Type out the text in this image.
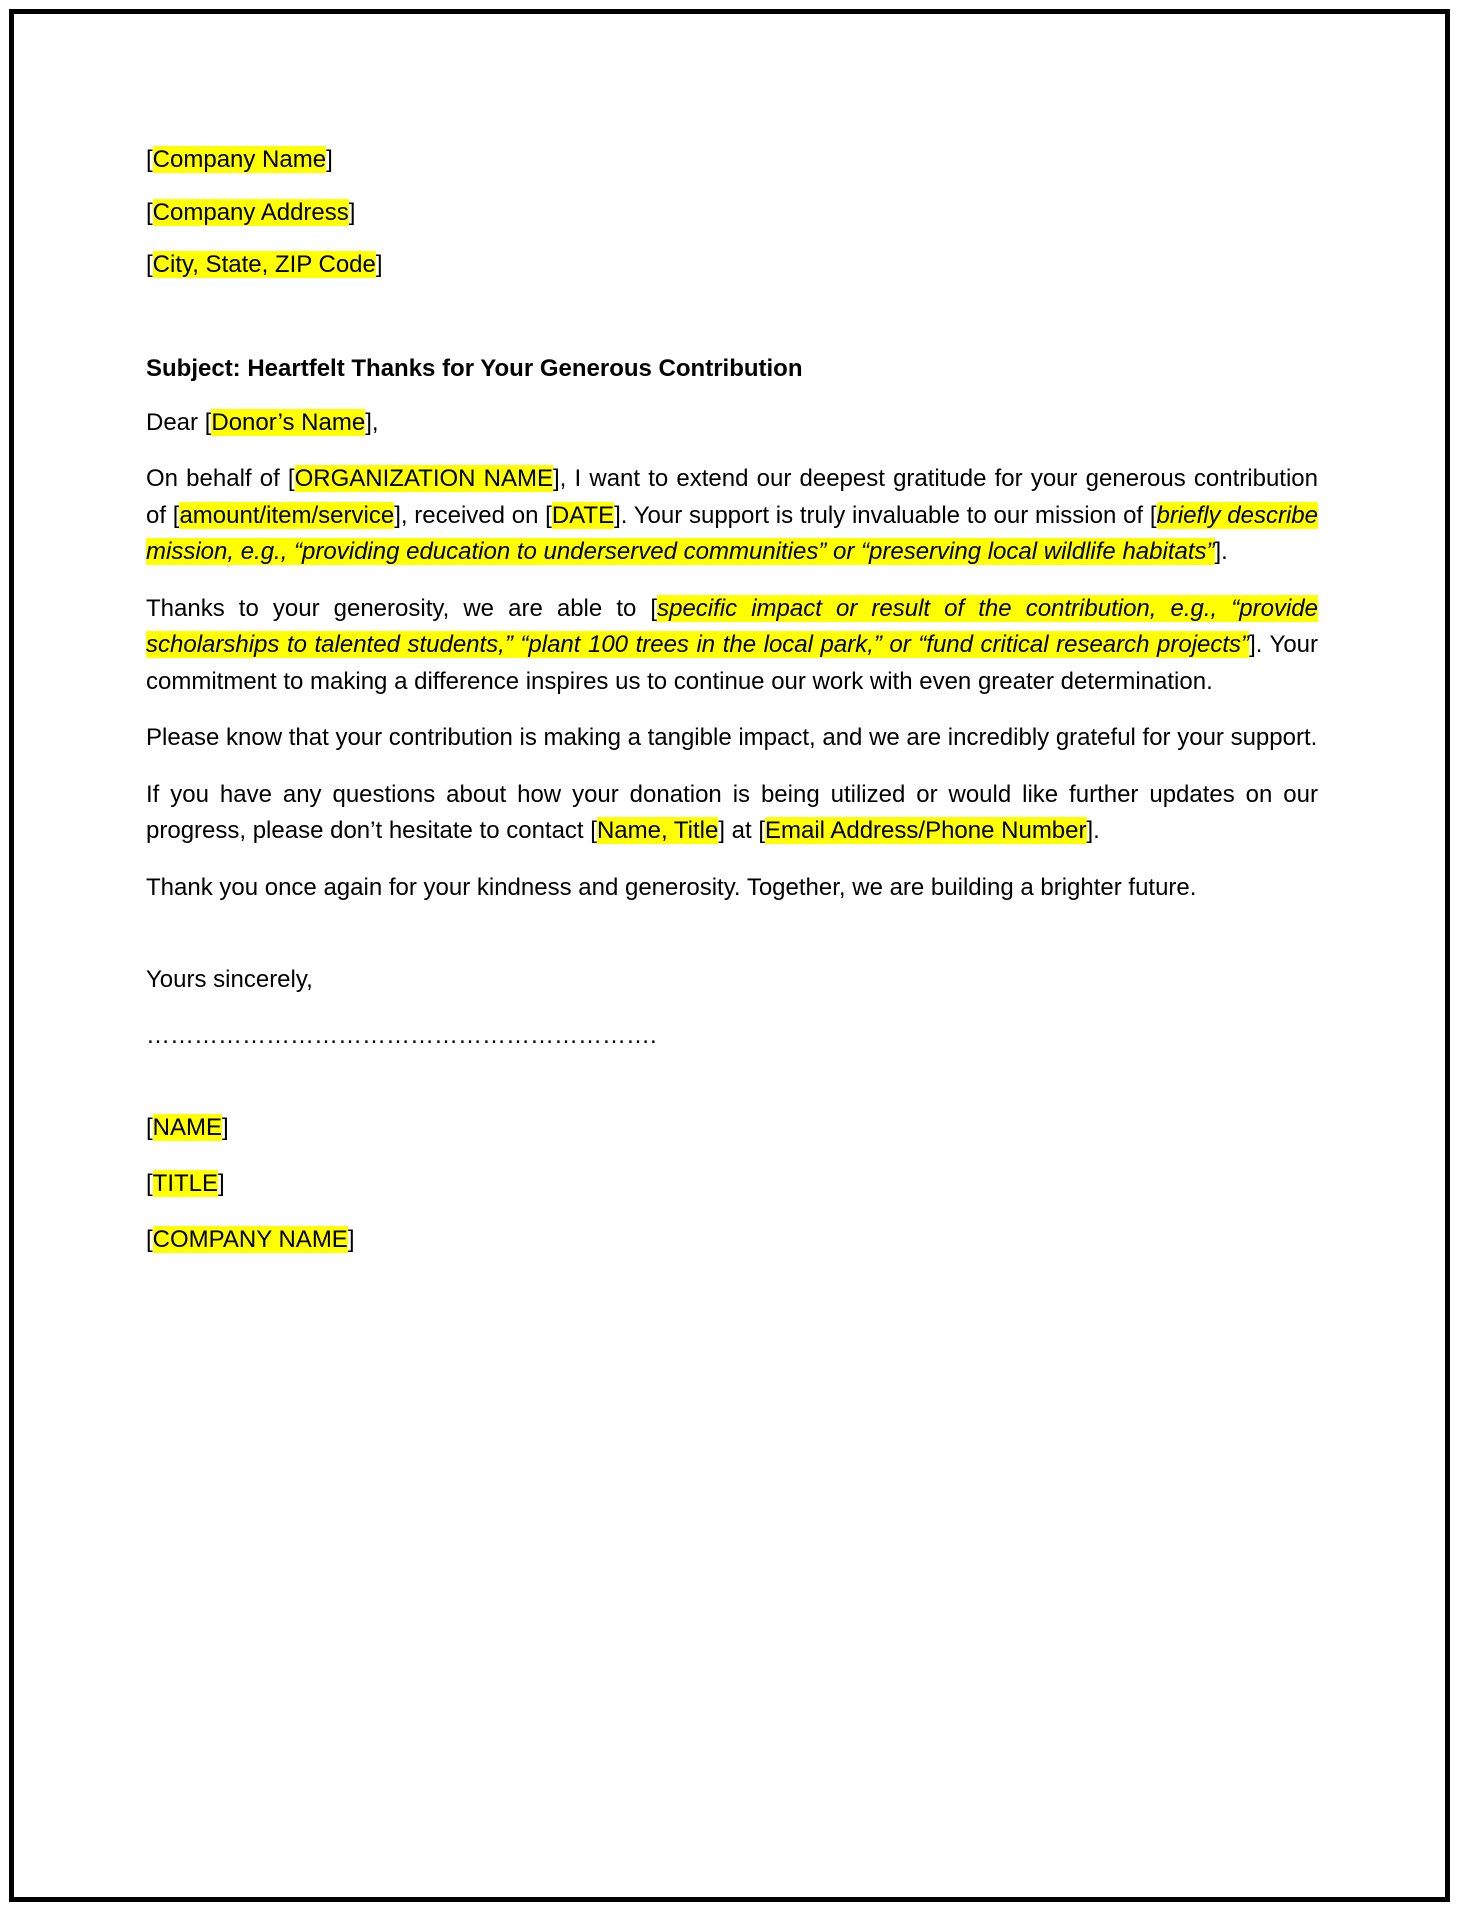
[Company Name]
[Company Address]
[City, State, ZIP Code]
Subject: Heartfelt Thanks for Your Generous Contribution
Dear [Donor’s Name],
On behalf of [ORGANIZATION NAME], I want to extend our deepest gratitude for your generous contribution of [amount/item/service], received on [DATE]. Your support is truly invaluable to our mission of [briefly describe mission, e.g., “providing education to underserved communities” or “preserving local wildlife habitats”].
Thanks to your generosity, we are able to [specific impact or result of the contribution, e.g., “provide scholarships to talented students,” “plant 100 trees in the local park,” or “fund critical research projects”]. Your commitment to making a difference inspires us to continue our work with even greater determination.
Please know that your contribution is making a tangible impact, and we are incredibly grateful for your support.
If you have any questions about how your donation is being utilized or would like further updates on our progress, please don’t hesitate to contact [Name, Title] at [Email Address/Phone Number].
Thank you once again for your kindness and generosity. Together, we are building a brighter future.
Yours sincerely,
……………………………………………………….
[NAME]
[TITLE]
[COMPANY NAME]
